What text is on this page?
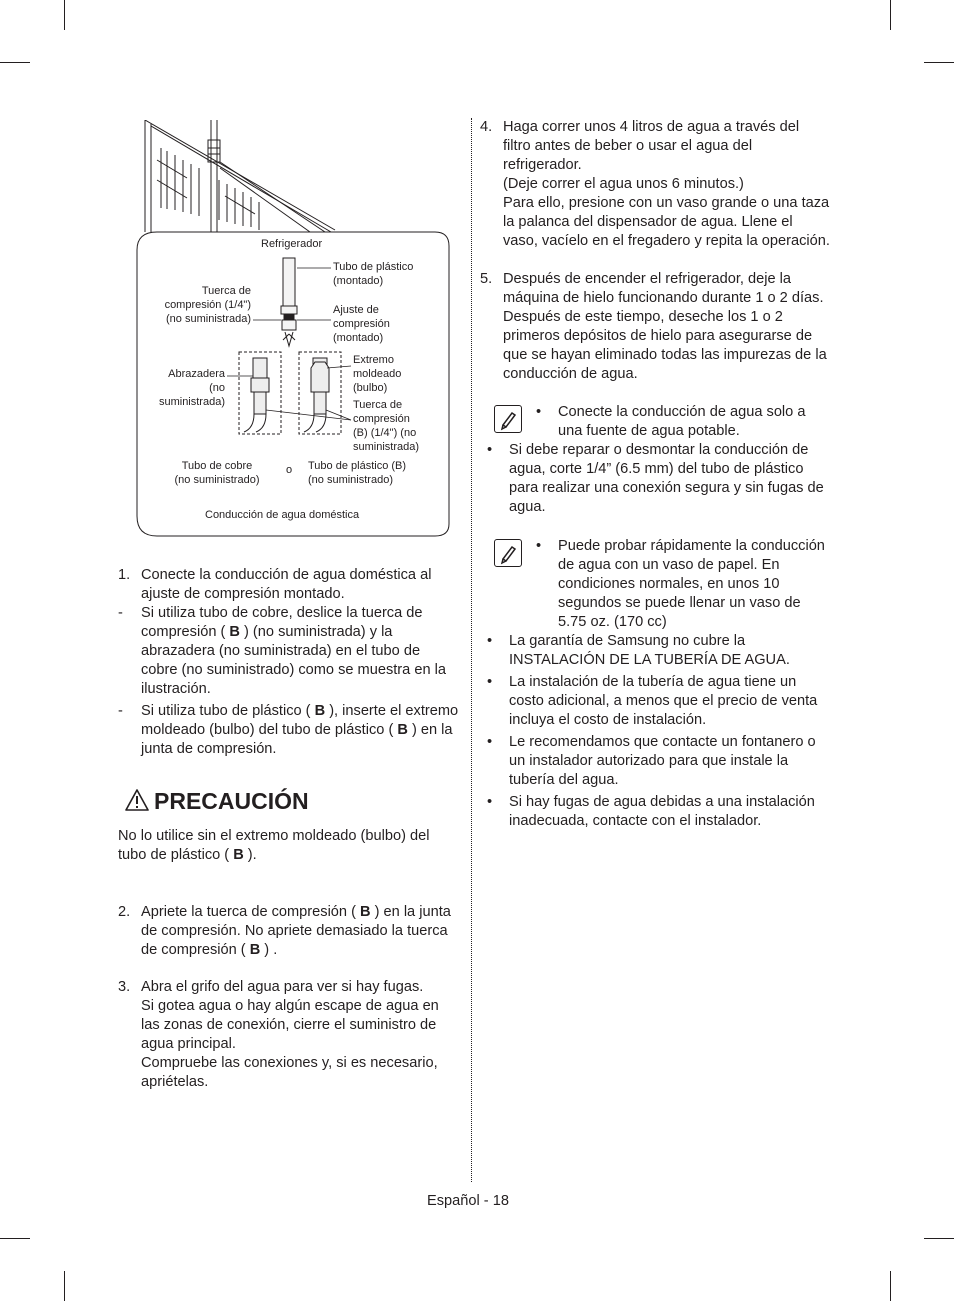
Refrigerador
Tubo de plástico
(montado)
Tuerca de
compresión (1/4")
(no suministrada)
Ajuste de
compresión
(montado)
Extremo
moldeado
(bulbo)
Abrazadera
(no
suministrada)	Tuerca de
compresión
(B) (1/4") (no
suministrada)
Tubo de cobre
(no suministrado)
o Tubo de plástico (B)
(no suministrado)
Conducción de agua doméstica
1. Conecte la conducción de agua doméstica al ajuste de compresión montado.
- Si utiliza tubo de cobre, deslice la tuerca de compresión ( B ) (no suministrada) y la abrazadera (no suministrada) en el tubo de cobre (no suministrado) como se muestra en la ilustración.
- Si utiliza tubo de plástico ( B ), inserte el extremo moldeado (bulbo) del tubo de plástico ( B ) en la junta de compresión.
PRECAUCIÓN
No lo utilice sin el extremo moldeado (bulbo) del tubo de plástico ( B ).
2. Apriete la tuerca de compresión ( B ) en la junta de compresión. No apriete demasiado la tuerca de compresión ( B ) .
3. Abra el grifo del agua para ver si hay fugas.
Si gotea agua o hay algún escape de agua en las zonas de conexión, cierre el suministro de agua principal.
Compruebe las conexiones y, si es necesario, apriételas.
4. Haga correr unos 4 litros de agua a través del filtro antes de beber o usar el agua del refrigerador.
(Deje correr el agua unos 6 minutos.)
Para ello, presione con un vaso grande o una taza la palanca del dispensador de agua. Llene el vaso, vacíelo en el fregadero y repita la operación.
5. Después de encender el refrigerador, deje la máquina de hielo funcionando durante 1 o 2 días.
Después de este tiempo, deseche los 1 o 2 primeros depósitos de hielo para asegurarse de que se hayan eliminado todas las impurezas de la conducción de agua.
• Conecte la conducción de agua solo a una fuente de agua potable.
• Si debe reparar o desmontar la conducción de agua, corte 1/4” (6.5 mm) del tubo de plástico para realizar una conexión segura y sin fugas de agua.
• Puede probar rápidamente la conducción de agua con un vaso de papel. En condiciones normales, en unos 10 segundos se puede llenar un vaso de 5.75 oz. (170 cc)
• La garantía de Samsung no cubre la INSTALACIÓN DE LA TUBERÍA DE AGUA.
• La instalación de la tubería de agua tiene un costo adicional, a menos que el precio de venta incluya el costo de instalación.
• Le recomendamos que contacte un fontanero o un instalador autorizado para que instale la tubería del agua.
• Si hay fugas de agua debidas a una instalación inadecuada, contacte con el instalador.
Español - 18
